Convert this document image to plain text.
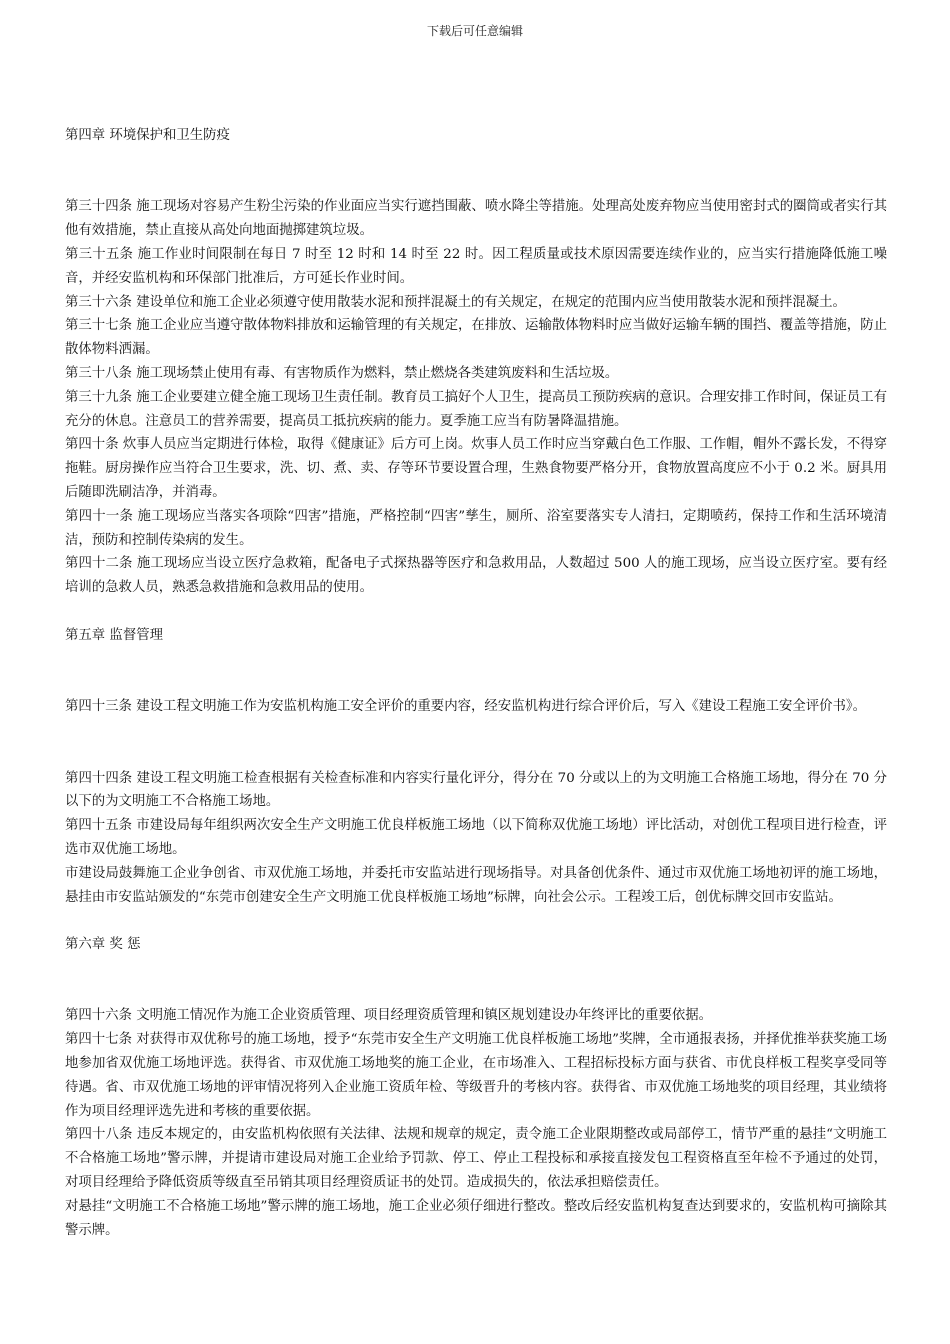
下载后可任意编辑

第四章 环境保护和卫生防疫

第三十四条 施工现场对容易产生粉尘污染的作业面应当实行遮挡围蔽、喷水降尘等措施。处理高处废弃物应当使用密封式的圈筒或者实行其他有效措施，禁止直接从高处向地面抛掷建筑垃圾。

第三十五条 施工作业时间限制在每日 7 时至 12 时和 14 时至 22 时。因工程质量或技术原因需要连续作业的，应当实行措施降低施工噪音，并经安监机构和环保部门批准后，方可延长作业时间。

第三十六条 建设单位和施工企业必须遵守使用散装水泥和预拌混凝土的有关规定，在规定的范围内应当使用散装水泥和预拌混凝土。

第三十七条 施工企业应当遵守散体物料排放和运输管理的有关规定，在排放、运输散体物料时应当做好运输车辆的围挡、覆盖等措施，防止散体物料洒漏。

第三十八条 施工现场禁止使用有毒、有害物质作为燃料，禁止燃烧各类建筑废料和生活垃圾。

第三十九条 施工企业要建立健全施工现场卫生责任制。教育员工搞好个人卫生，提高员工预防疾病的意识。合理安排工作时间，保证员工有充分的休息。注意员工的营养需要，提高员工抵抗疾病的能力。夏季施工应当有防暑降温措施。

第四十条 炊事人员应当定期进行体检，取得《健康证》后方可上岗。炊事人员工作时应当穿戴白色工作服、工作帽，帽外不露长发，不得穿拖鞋。厨房操作应当符合卫生要求，洗、切、煮、卖、存等环节要设置合理，生熟食物要严格分开，食物放置高度应不小于 0.2 米。厨具用后随即洗刷洁净，并消毒。

第四十一条 施工现场应当落实各项除“四害”措施，严格控制“四害”孳生，厕所、浴室要落实专人清扫，定期喷药，保持工作和生活环境清洁，预防和控制传染病的发生。

第四十二条 施工现场应当设立医疗急救箱，配备电子式探热器等医疗和急救用品，人数超过 500 人的施工现场，应当设立医疗室。要有经培训的急救人员，熟悉急救措施和急救用品的使用。

第五章 监督管理

第四十三条 建设工程文明施工作为安监机构施工安全评价的重要内容，经安监机构进行综合评价后，写入《建设工程施工安全评价书》。

第四十四条 建设工程文明施工检查根据有关检查标准和内容实行量化评分，得分在 70 分或以上的为文明施工合格施工场地，得分在 70 分以下的为文明施工不合格施工场地。

第四十五条 市建设局每年组织两次安全生产文明施工优良样板施工场地（以下简称双优施工场地）评比活动，对创优工程项目进行检查，评选市双优施工场地。

市建设局鼓舞施工企业争创省、市双优施工场地，并委托市安监站进行现场指导。对具备创优条件、通过市双优施工场地初评的施工场地，悬挂由市安监站颁发的“东莞市创建安全生产文明施工优良样板施工场地”标牌，向社会公示。工程竣工后，创优标牌交回市安监站。

第六章 奖 惩

第四十六条 文明施工情况作为施工企业资质管理、项目经理资质管理和镇区规划建设办年终评比的重要依据。

第四十七条 对获得市双优称号的施工场地，授予“东莞市安全生产文明施工优良样板施工场地”奖牌，全市通报表扬，并择优推举获奖施工场地参加省双优施工场地评选。获得省、市双优施工场地奖的施工企业，在市场准入、工程招标投标方面与获省、市优良样板工程奖享受同等待遇。省、市双优施工场地的评审情况将列入企业施工资质年检、等级晋升的考核内容。获得省、市双优施工场地奖的项目经理，其业绩将作为项目经理评选先进和考核的重要依据。

第四十八条 违反本规定的，由安监机构依照有关法律、法规和规章的规定，责令施工企业限期整改或局部停工，情节严重的悬挂“文明施工不合格施工场地”警示牌，并提请市建设局对施工企业给予罚款、停工、停止工程投标和承接直接发包工程资格直至年检不予通过的处罚，对项目经理给予降低资质等级直至吊销其项目经理资质证书的处罚。造成损失的，依法承担赔偿责任。

对悬挂“文明施工不合格施工场地”警示牌的施工场地，施工企业必须仔细进行整改。整改后经安监机构复查达到要求的，安监机构可摘除其警示牌。
